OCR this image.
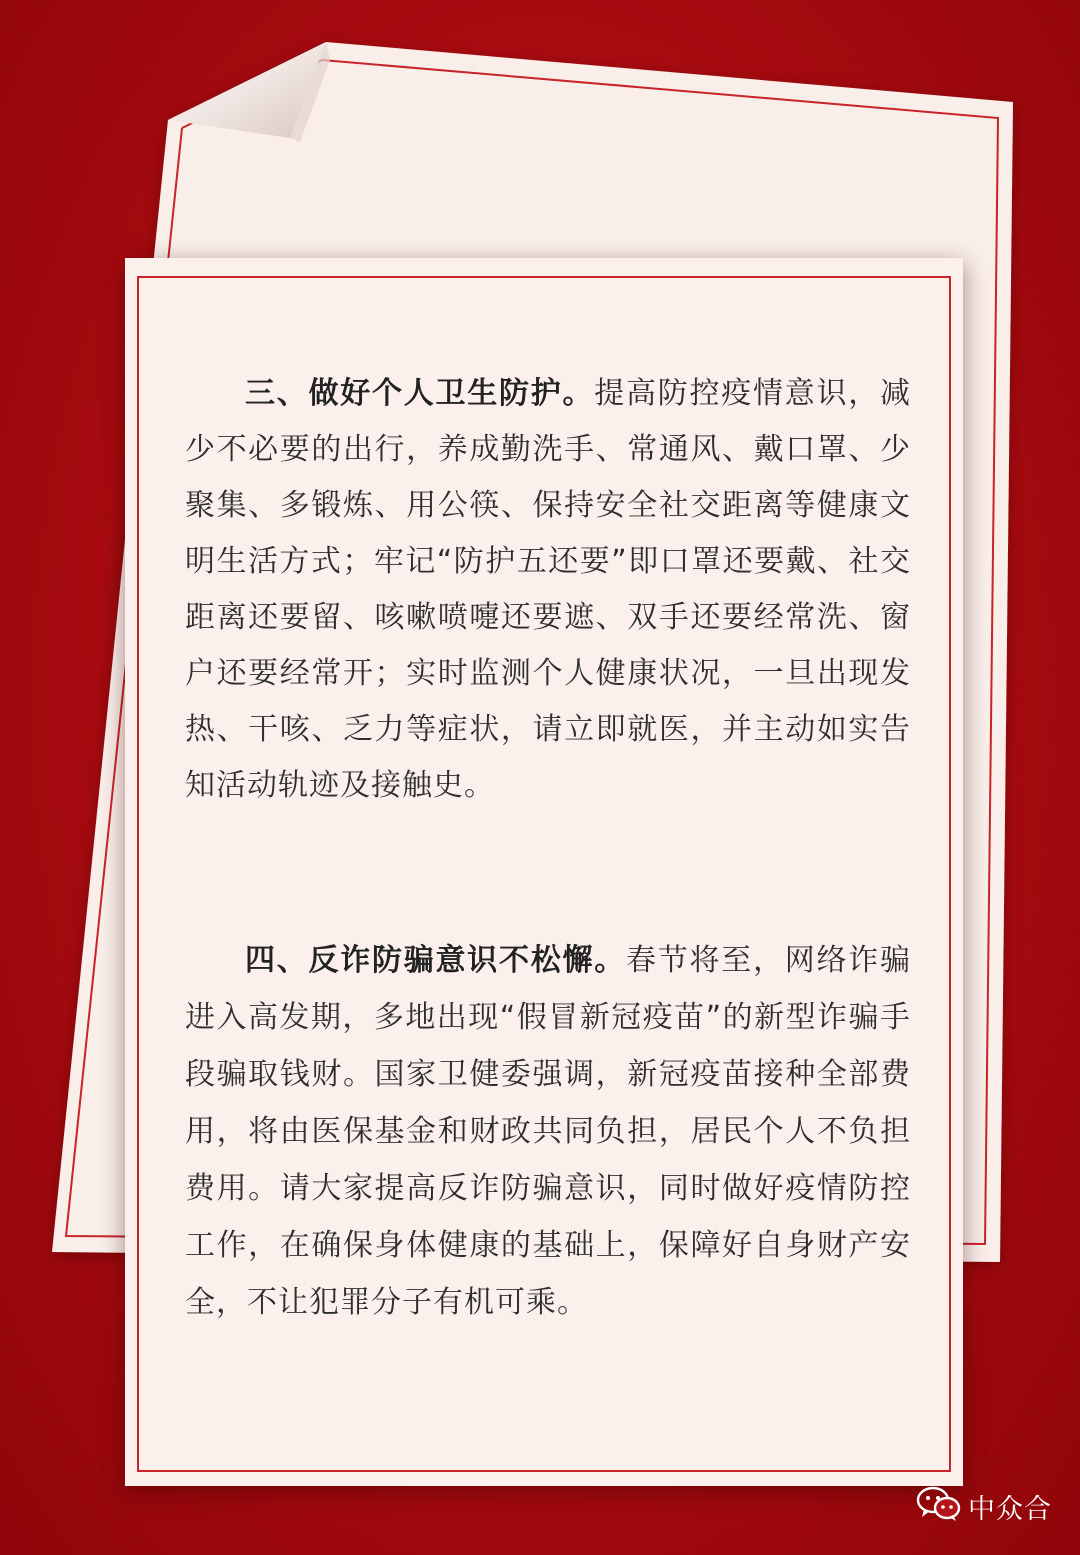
三、做好个人卫生防护。提高防控疫情意识，减少不必要的出行，养成勤洗手、常通风、戴口罩、少聚集、多锻炼、用公筷、保持安全社交距离等健康文明生活方式；牢记“防护五还要”即口罩还要戴、社交距离还要留、咳嗽喷嚏还要遮、双手还要经常洗、窗户还要经常开；实时监测个人健康状况，一旦出现发热、干咳、乏力等症状，请立即就医，并主动如实告知活动轨迹及接触史。

四、反诈防骗意识不松懈。春节将至，网络诈骗进入高发期，多地出现“假冒新冠疫苗”的新型诈骗手段骗取钱财。国家卫健委强调，新冠疫苗接种全部费用，将由医保基金和财政共同负担，居民个人不负担费用。请大家提高反诈防骗意识，同时做好疫情防控工作，在确保身体健康的基础上，保障好自身财产安全，不让犯罪分子有机可乘。

中众合
